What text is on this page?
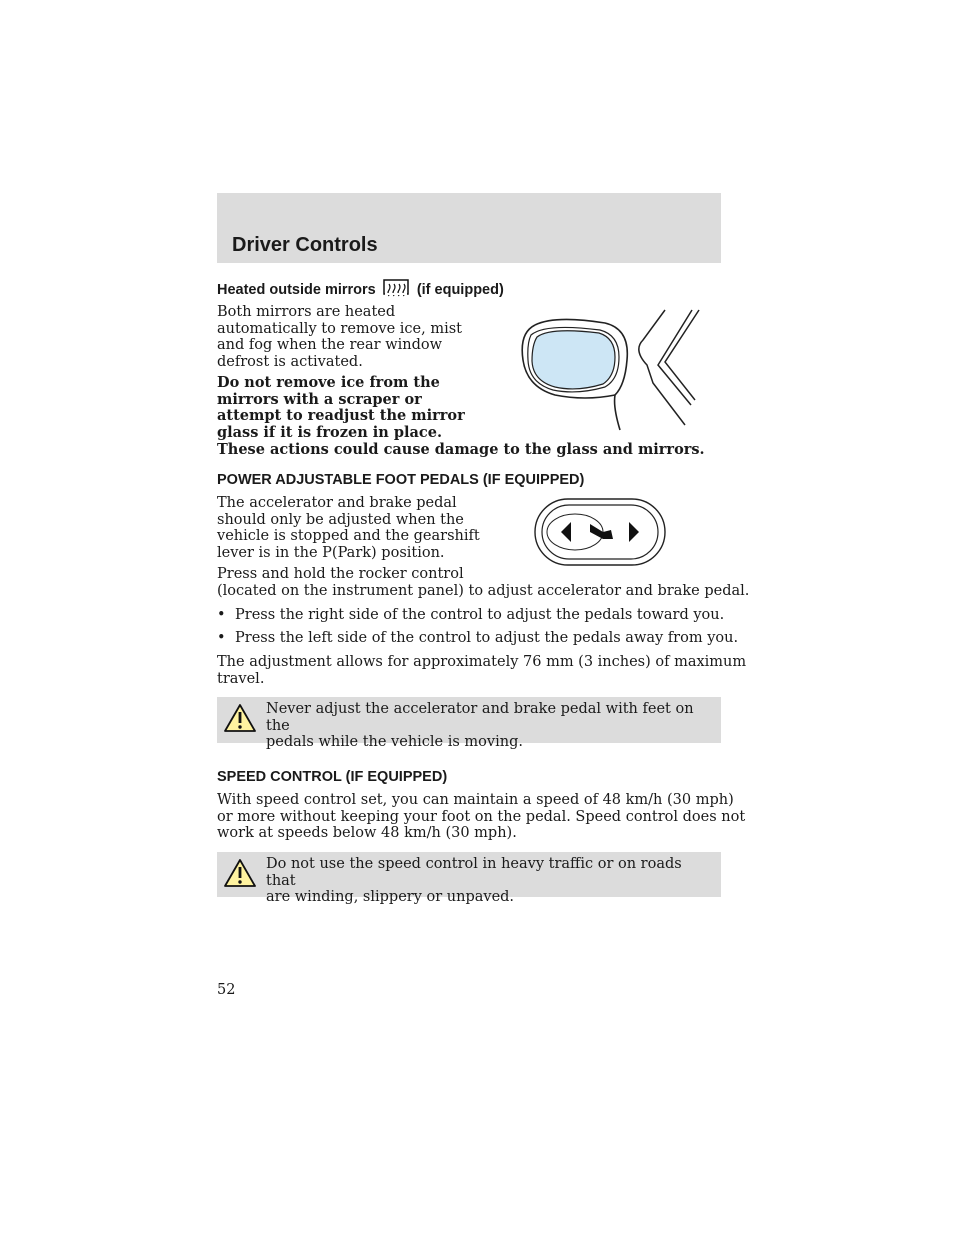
Driver Controls
Heated outside mirrors	(if equipped)
Both mirrors are heated
automatically to remove ice, mist
and fog when the rear window
defrost is activated.
Do not remove ice from the
mirrors with a scraper or
attempt to readjust the mirror
glass if it is frozen in place.
These actions could cause damage to the glass and mirrors.
POWER ADJUSTABLE FOOT PEDALS (IF EQUIPPED)
The accelerator and brake pedal
should only be adjusted when the
vehicle is stopped and the gearshift
lever is in the P(Park) position.
Press and hold the rocker control
(located on the instrument panel) to adjust accelerator and brake pedal.
• Press the right side of the control to adjust the pedals toward you.
• Press the left side of the control to adjust the pedals away from you.
The adjustment allows for approximately 76 mm (3 inches) of maximum
travel.
Never adjust the accelerator and brake pedal with feet on the
pedals while the vehicle is moving.
SPEED CONTROL (IF EQUIPPED)
With speed control set, you can maintain a speed of 48 km/h (30 mph)
or more without keeping your foot on the pedal. Speed control does not
work at speeds below 48 km/h (30 mph).
Do not use the speed control in heavy traffic or on roads that
are winding, slippery or unpaved.
52
